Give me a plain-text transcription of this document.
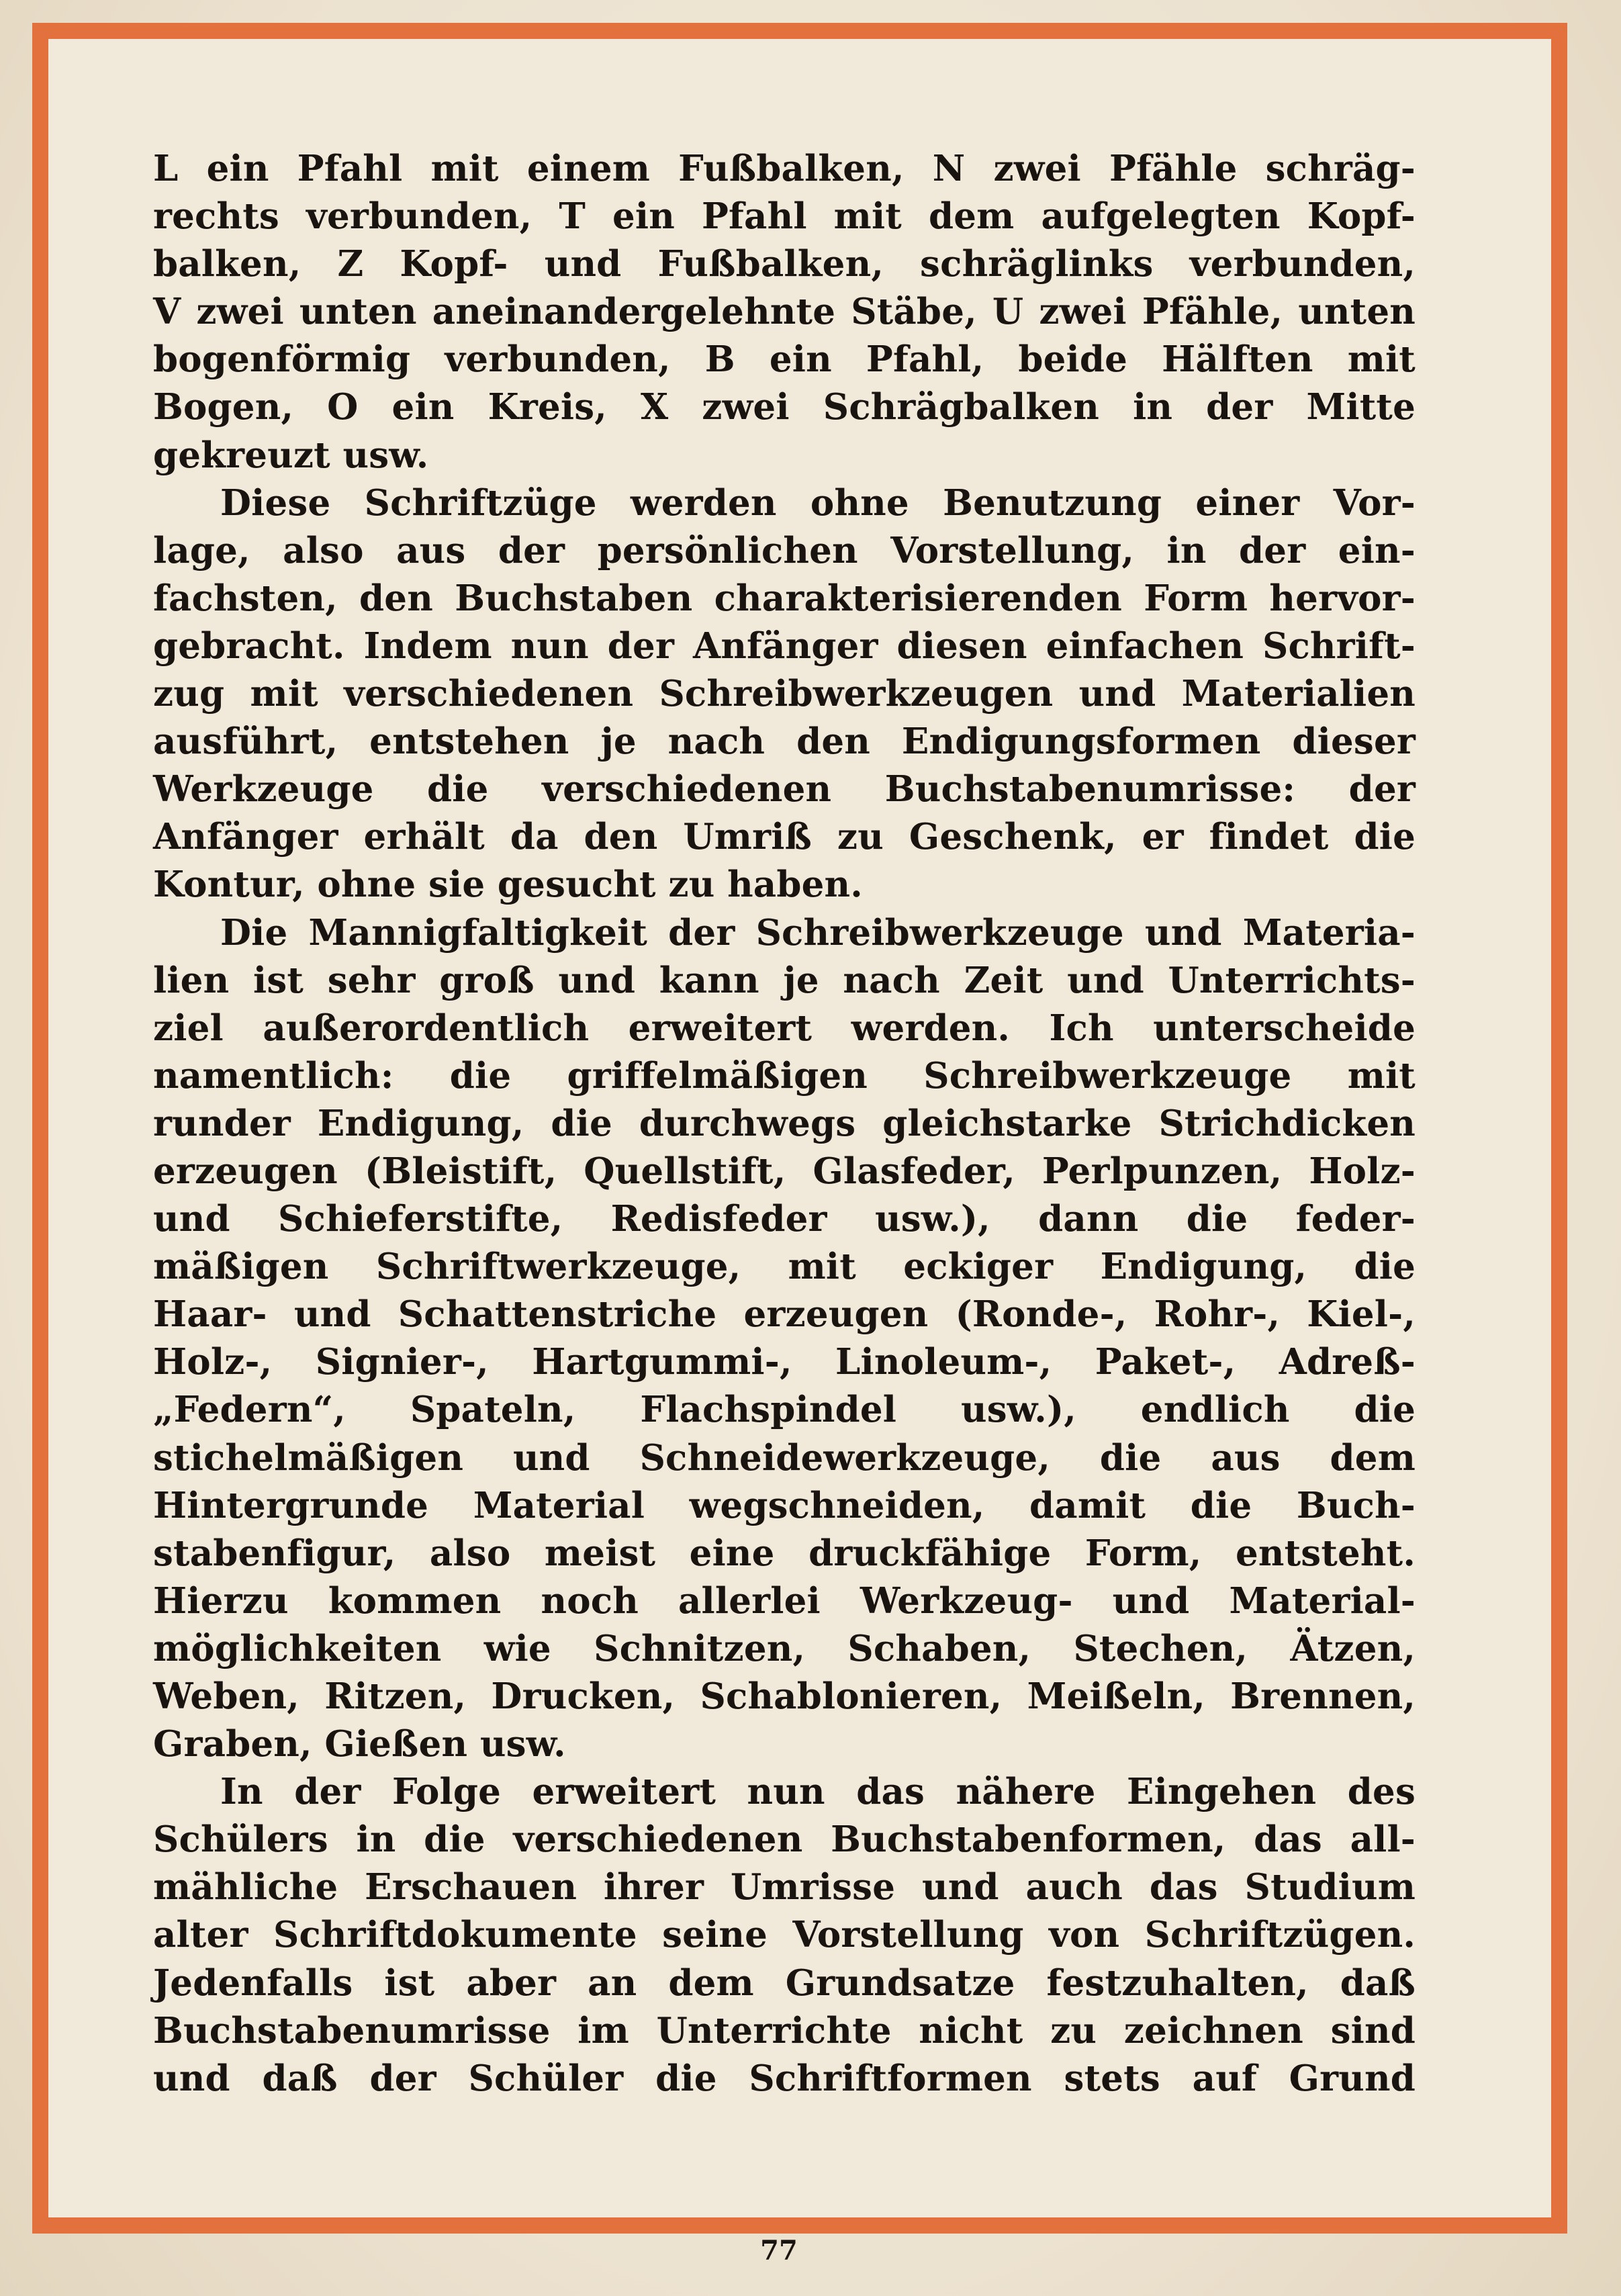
L ein Pfahl mit einem Fußbalken, N zwei Pfähle schräg-
rechts verbunden, T ein Pfahl mit dem aufgelegten Kopf-
balken, Z Kopf- und Fußbalken, schräglinks verbunden,
V zwei unten aneinandergelehnte Stäbe, U zwei Pfähle, unten
bogenförmig verbunden, B ein Pfahl, beide Hälften mit
Bogen, O ein Kreis, X zwei Schrägbalken in der Mitte
gekreuzt usw.

Diese Schriftzüge werden ohne Benutzung einer Vor-
lage, also aus der persönlichen Vorstellung, in der ein-
fachsten, den Buchstaben charakterisierenden Form hervor-
gebracht. Indem nun der Anfänger diesen einfachen Schrift-
zug mit verschiedenen Schreibwerkzeugen und Materialien
ausführt, entstehen je nach den Endigungsformen dieser
Werkzeuge die verschiedenen Buchstabenumrisse: der
Anfänger erhält da den Umriß zu Geschenk, er findet die
Kontur, ohne sie gesucht zu haben.

Die Mannigfaltigkeit der Schreibwerkzeuge und Materia-
lien ist sehr groß und kann je nach Zeit und Unterrichts-
ziel außerordentlich erweitert werden. Ich unterscheide
namentlich: die griffelmäßigen Schreibwerkzeuge mit
runder Endigung, die durchwegs gleichstarke Strichdicken
erzeugen (Bleistift, Quellstift, Glasfeder, Perlpunzen, Holz-
und Schieferstifte, Redisfeder usw.), dann die feder-
mäßigen Schriftwerkzeuge, mit eckiger Endigung, die
Haar- und Schattenstriche erzeugen (Ronde-, Rohr-, Kiel-,
Holz-, Signier-, Hartgummi-, Linoleum-, Paket-, Adreß-
„Federn“, Spateln, Flachspindel usw.), endlich die
stichelmäßigen und Schneidewerkzeuge, die aus dem
Hintergrunde Material wegschneiden, damit die Buch-
stabenfigur, also meist eine druckfähige Form, entsteht.
Hierzu kommen noch allerlei Werkzeug- und Material-
möglichkeiten wie Schnitzen, Schaben, Stechen, Ätzen,
Weben, Ritzen, Drucken, Schablonieren, Meißeln, Brennen,
Graben, Gießen usw.

In der Folge erweitert nun das nähere Eingehen des
Schülers in die verschiedenen Buchstabenformen, das all-
mähliche Erschauen ihrer Umrisse und auch das Studium
alter Schriftdokumente seine Vorstellung von Schriftzügen.
Jedenfalls ist aber an dem Grundsatze festzuhalten, daß
Buchstabenumrisse im Unterrichte nicht zu zeichnen sind
und daß der Schüler die Schriftformen stets auf Grund

77
